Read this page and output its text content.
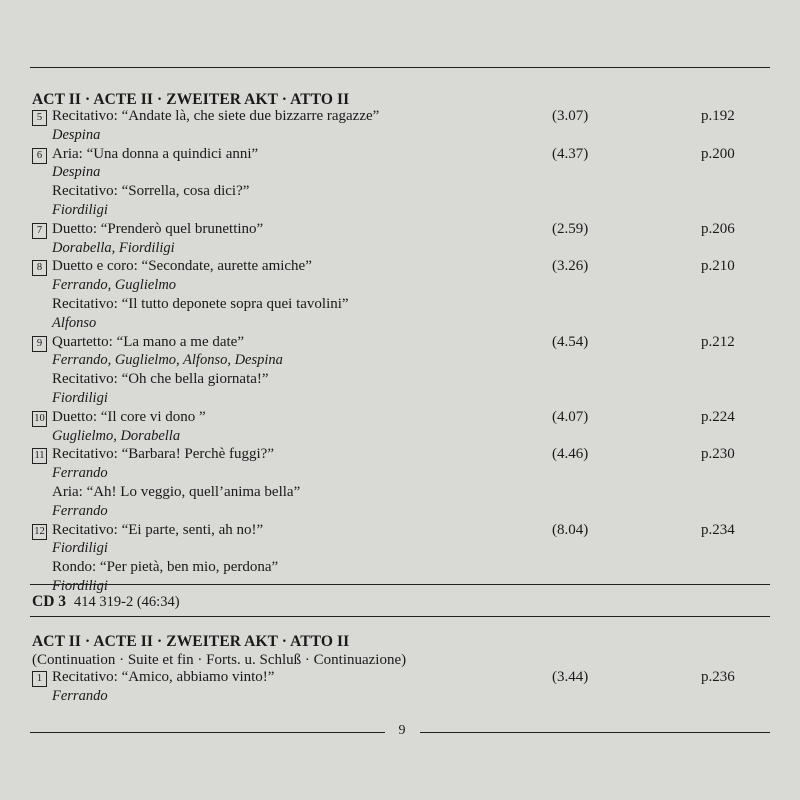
ACT II · ACTE II · ZWEITER AKT · ATTO II
5 Recitativo: “Andate là, che siete due bizzarre ragazze”	(3.07)	p.192
Despina
6 Aria: “Una donna a quindici anni”	(4.37)	p.200
Despina
Recitativo: “Sorrella, cosa dici?”
Fiordiligi
7 Duetto: “Prenderò quel brunettino”	(2.59)	p.206
Dorabella, Fiordiligi
8 Duetto e coro: “Secondate, aurette amiche”	(3.26)	p.210
Ferrando, Guglielmo
Recitativo: “Il tutto deponete sopra quei tavolini”
Alfonso
9 Quartetto: “La mano a me date”	(4.54)	p.212
Ferrando, Guglielmo, Alfonso, Despina
Recitativo: “Oh che bella giornata!”
Fiordiligi
10 Duetto: “Il core vi dono ”	(4.07)	p.224
Guglielmo, Dorabella
11 Recitativo: “Barbara! Perchè fuggi?”	(4.46)	p.230
Ferrando
Aria: “Ah! Lo veggio, quell’anima bella”
Ferrando
12 Recitativo: “Ei parte, senti, ah no!”	(8.04)	p.234
Fiordiligi
Rondo: “Per pietà, ben mio, perdona”
Fiordiligi
CD 3 414 319-2 (46:34)
ACT II · ACTE II · ZWEITER AKT · ATTO II
(Continuation · Suite et fin · Forts. u. Schluß · Continuazione)
1 Recitativo: “Amico, abbiamo vinto!”	(3.44)	p.236
Ferrando
9
